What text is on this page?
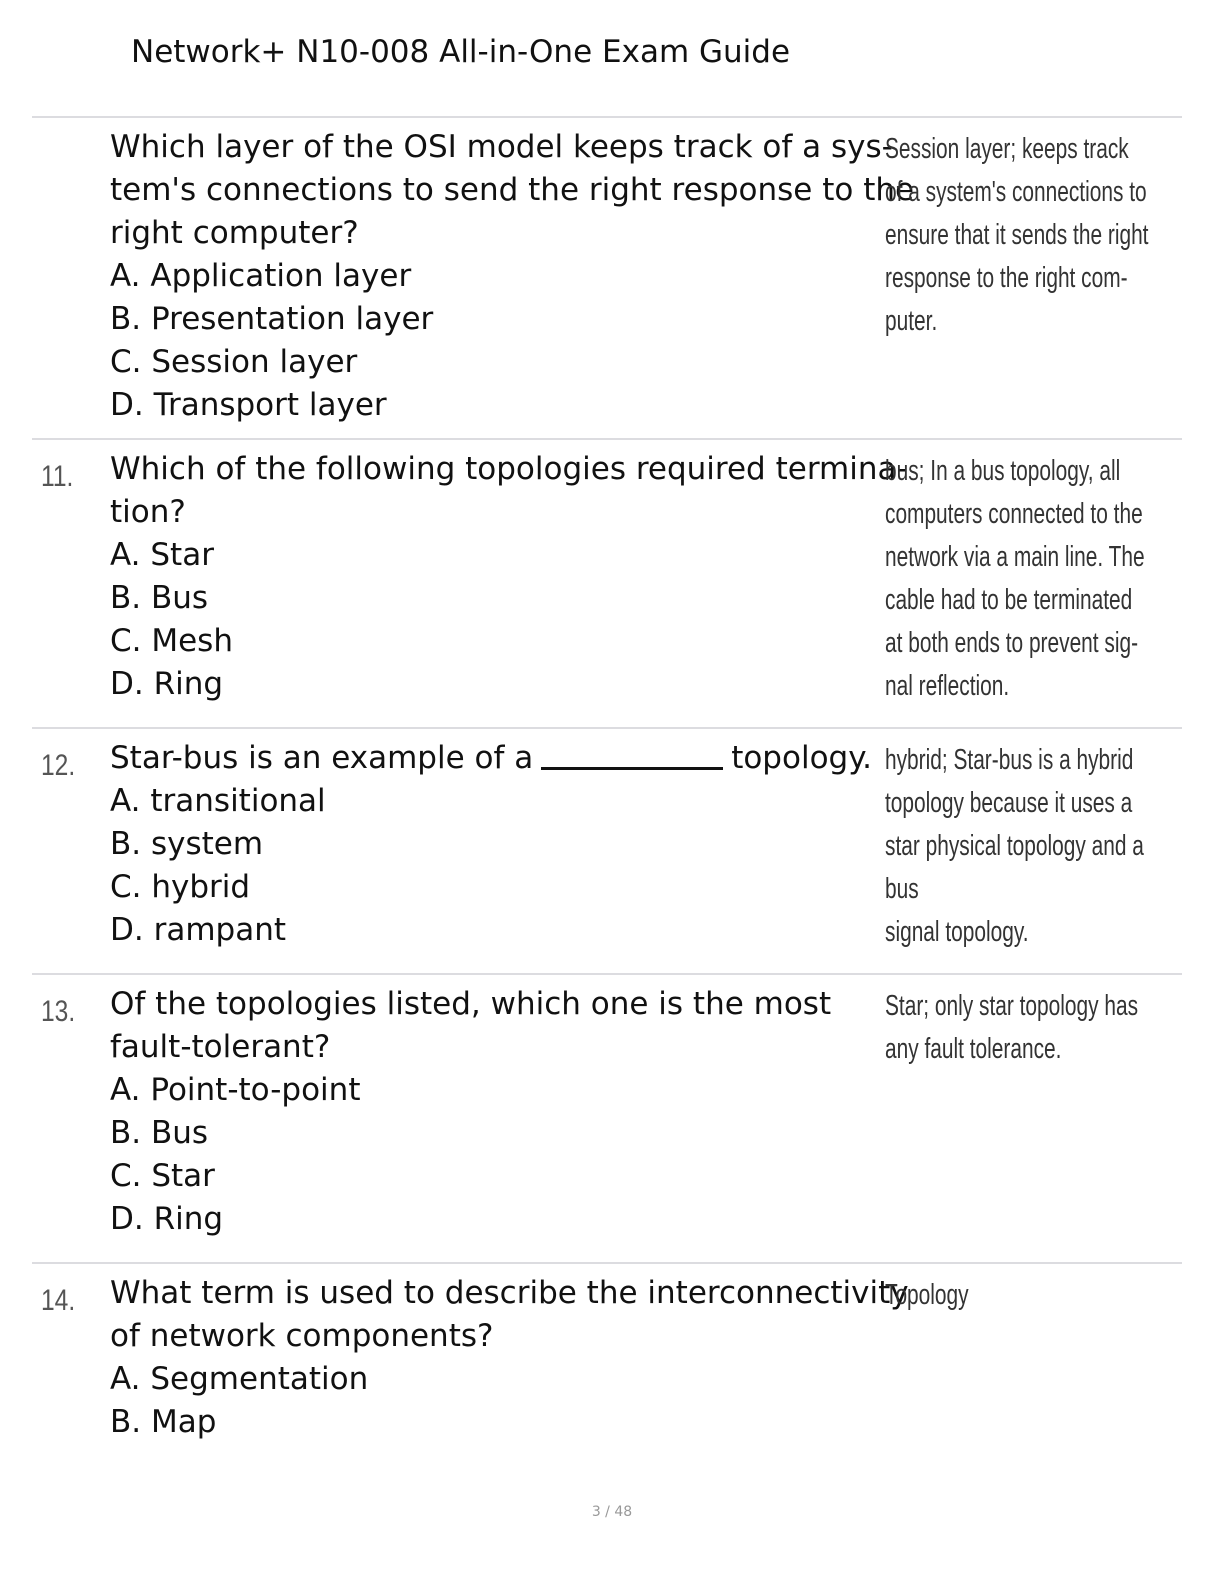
Network+ N10-008 All-in-One Exam Guide
Which layer of the OSI model keeps track of a sys-
tem's connections to send the right response to the
right computer?
A. Application layer
B. Presentation layer
C. Session layer
D. Transport layer
Session layer; keeps track
of a system's connections to
ensure that it sends the right
response to the right com-
puter.
11. Which of the following topologies required termina-
tion?
A. Star
B. Bus
C. Mesh
D. Ring
bus; In a bus topology, all
computers connected to the
network via a main line. The
cable had to be terminated
at both ends to prevent sig-
nal reflection.
12. Star-bus is an example of a	topology.
A. transitional
B. system
C. hybrid
D. rampant
hybrid; Star-bus is a hybrid
topology because it uses a
star physical topology and a
bus
signal topology.
13. Of the topologies listed, which one is the most
fault-tolerant?
A. Point-to-point
B. Bus
C. Star
D. Ring
Star; only star topology has
any fault tolerance.
14. What term is used to describe the interconnectivity
of network components?
A. Segmentation
B. Map
Topology
3 / 48
